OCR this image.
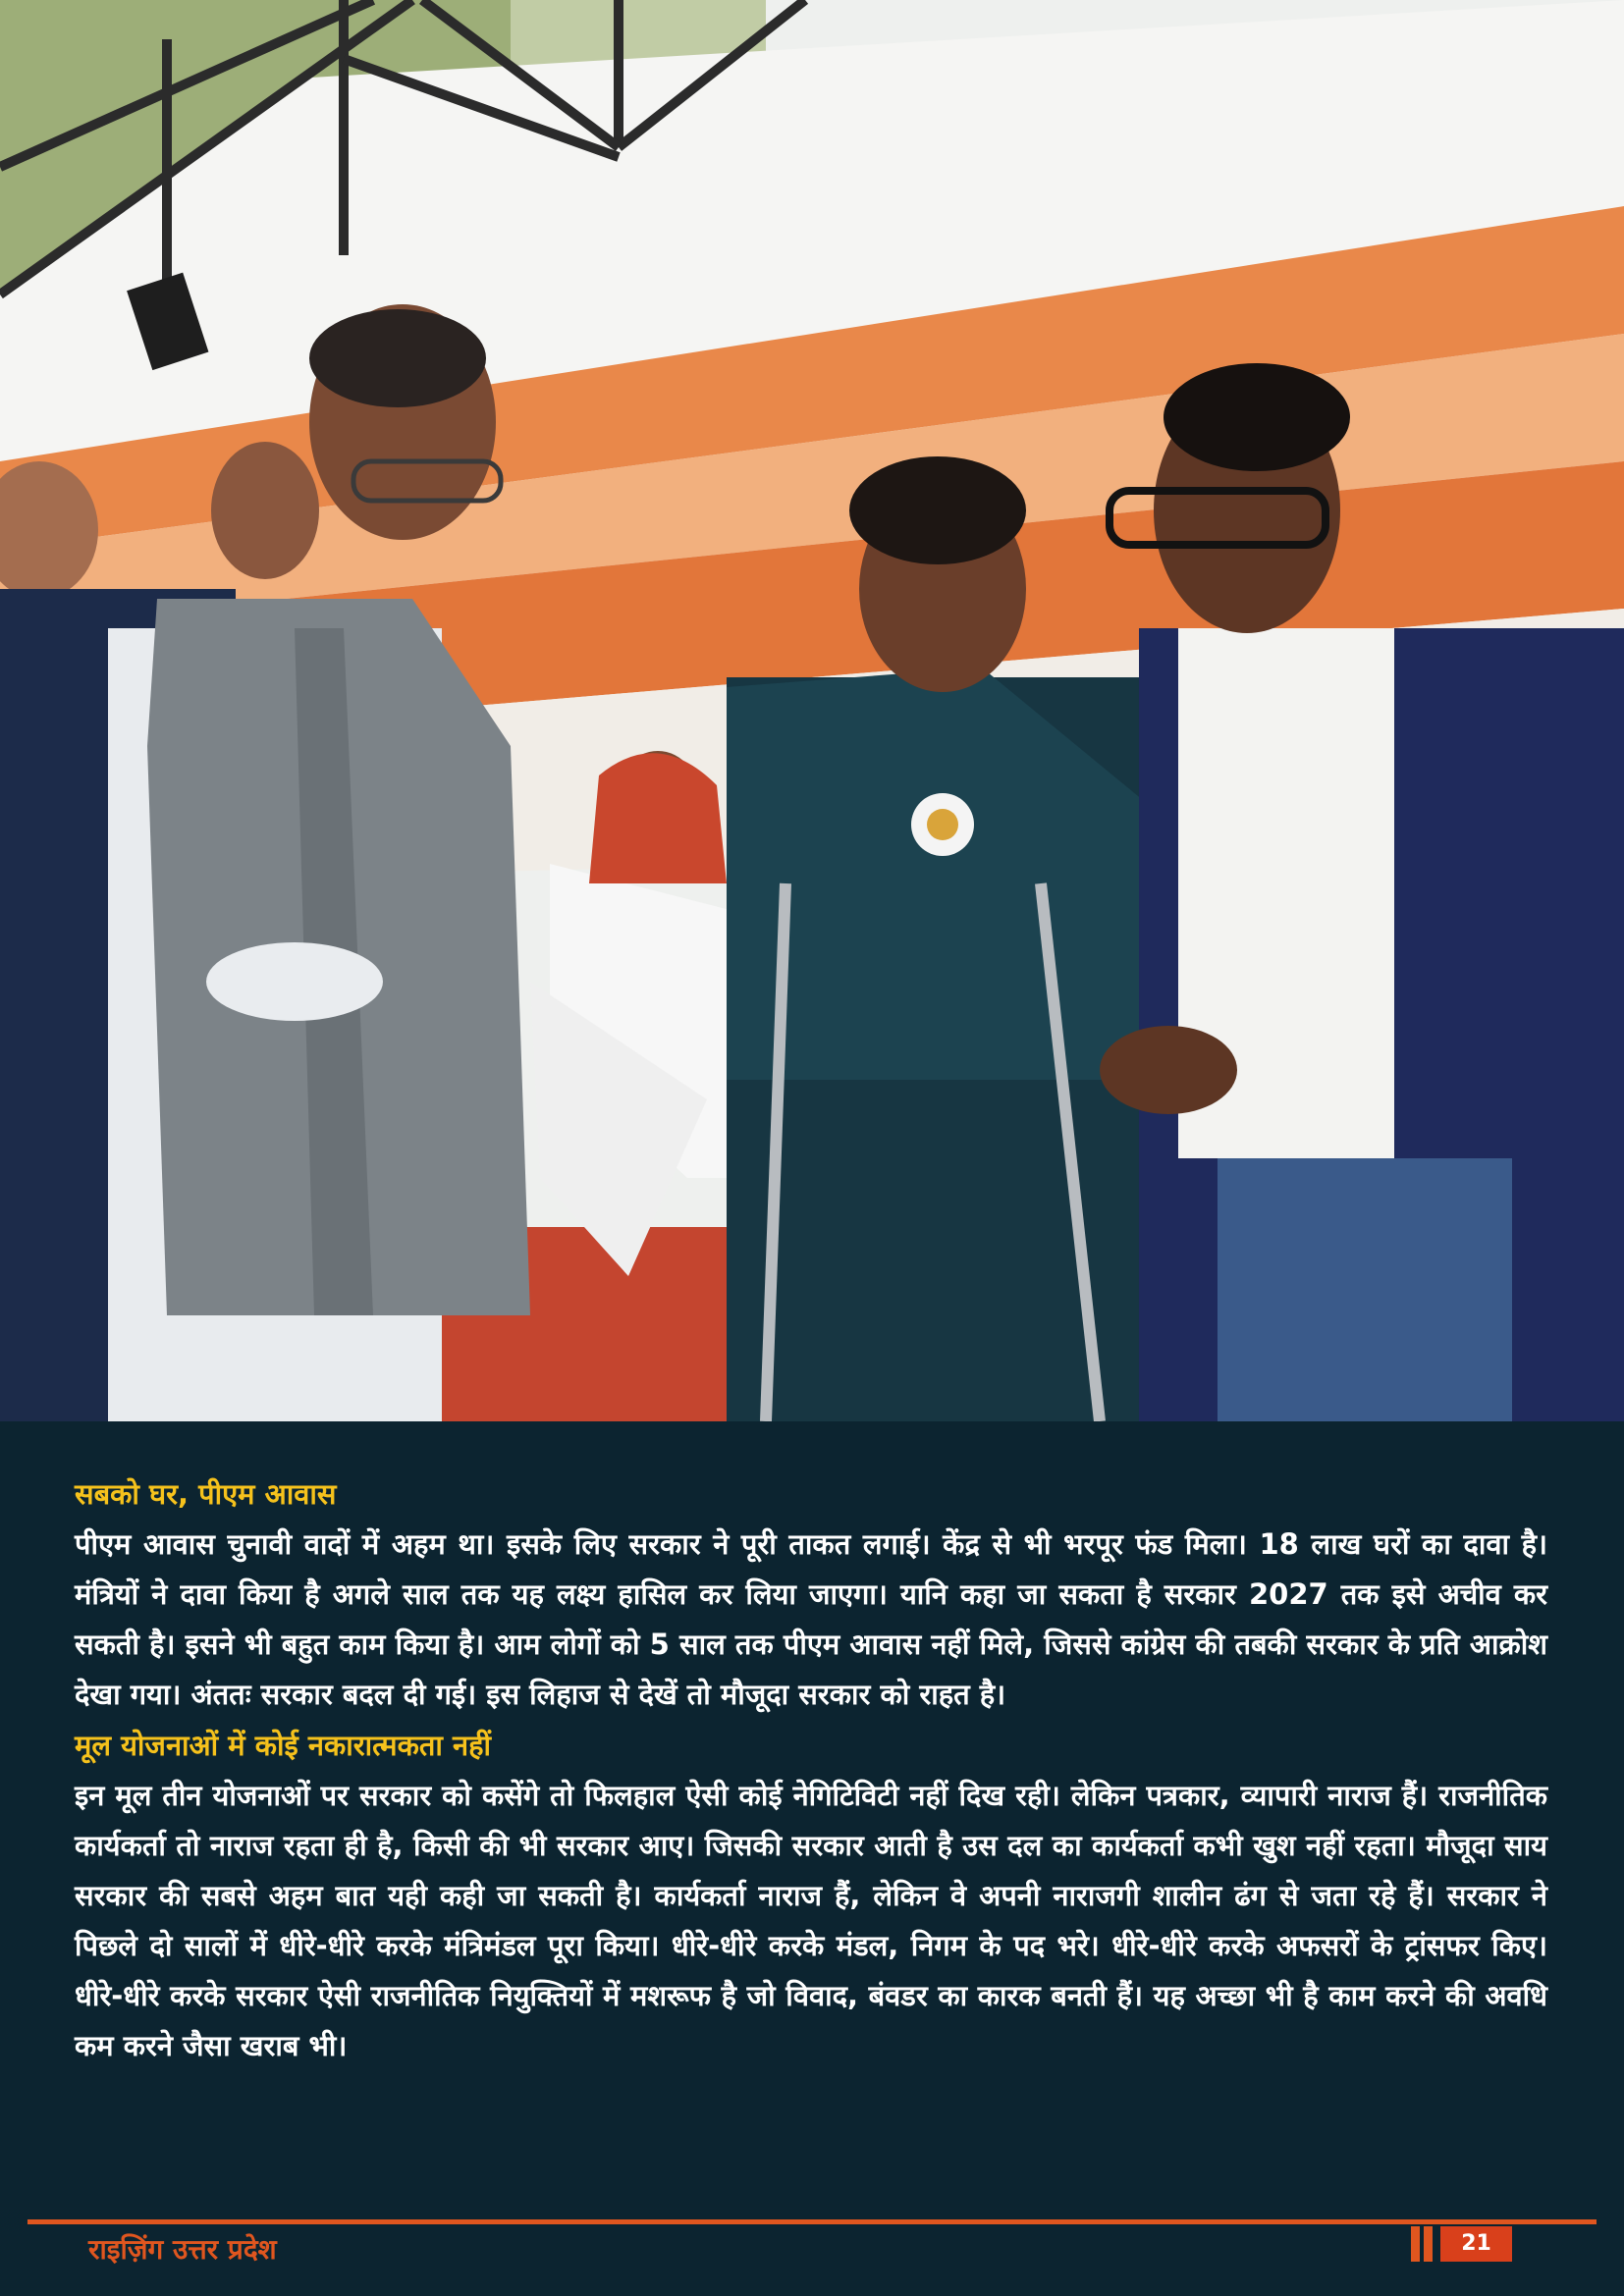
सबको घर, पीएम आवास

पीएम आवास चुनावी वादों में अहम था। इसके लिए सरकार ने पूरी ताकत लगाई। केंद्र से भी भरपूर फंड मिला। 18 लाख घरों का दावा है। मंत्रियों ने दावा किया है अगले साल तक यह लक्ष्य हासिल कर लिया जाएगा। यानि कहा जा सकता है सरकार 2027 तक इसे अचीव कर सकती है। इसने भी बहुत काम किया है। आम लोगों को 5 साल तक पीएम आवास नहीं मिले, जिससे कांग्रेस की तबकी सरकार के प्रति आक्रोश देखा गया। अंततः सरकार बदल दी गई। इस लिहाज से देखें तो मौजूदा सरकार को राहत है।

मूल योजनाओं में कोई नकारात्मकता नहीं

इन मूल तीन योजनाओं पर सरकार को कसेंगे तो फिलहाल ऐसी कोई नेगिटिविटी नहीं दिख रही। लेकिन पत्रकार, व्यापारी नाराज हैं। राजनीतिक कार्यकर्ता तो नाराज रहता ही है, किसी की भी सरकार आए। जिसकी सरकार आती है उस दल का कार्यकर्ता कभी खुश नहीं रहता। मौजूदा साय सरकार की सबसे अहम बात यही कही जा सकती है। कार्यकर्ता नाराज हैं, लेकिन वे अपनी नाराजगी शालीन ढंग से जता रहे हैं। सरकार ने पिछले दो सालों में धीरे-धीरे करके मंत्रिमंडल पूरा किया। धीरे-धीरे करके मंडल, निगम के पद भरे। धीरे-धीरे करके अफसरों के ट्रांसफर किए। धीरे-धीरे करके सरकार ऐसी राजनीतिक नियुक्तियों में मशरूफ है जो विवाद, बंवडर का कारक बनती हैं। यह अच्छा भी है काम करने की अवधि कम करने जैसा खराब भी।

राइज़िंग उत्तर प्रदेश	21
